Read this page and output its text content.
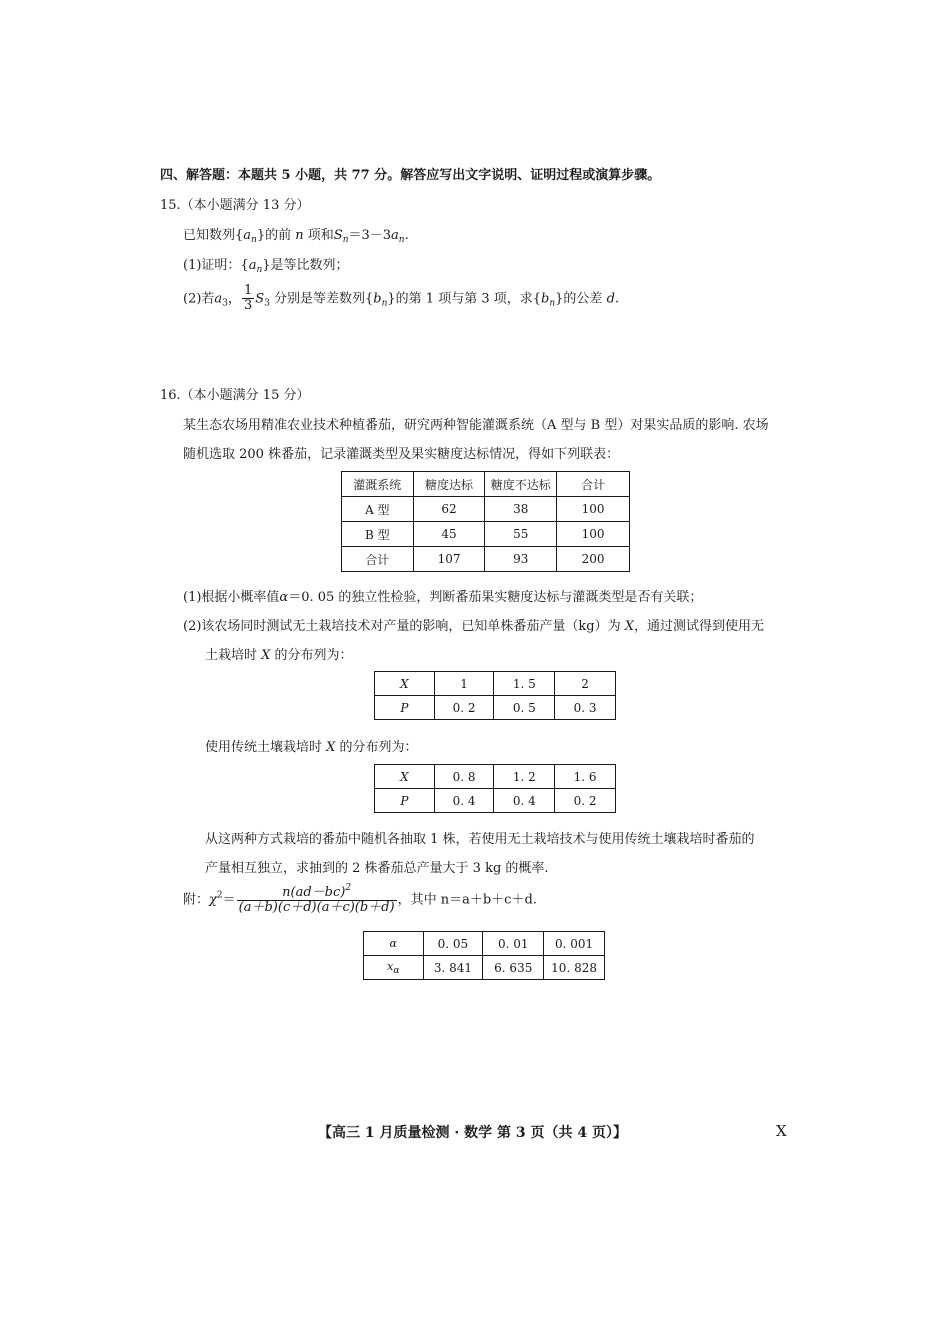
四、解答题：本题共 5 小题，共 77 分。解答应写出文字说明、证明过程或演算步骤。
15.（本小题满分 13 分）
已知数列$\{a_n\}$的前 n 项和$S_n=3-3a_n$.
(1)证明：$\{a_n\}$是等比数列；
(2)若$a_3$， $\frac{1}{3} S_3$ 分别是等差数列$\{b_n\}$的第 1 项与第 3 项，求$\{b_n\}$的公差 d.
16.（本小题满分 15 分）
某生态农场用精准农业技术种植番茄，研究两种智能灌溉系统（A 型与 B 型）对果实品质的影响. 农场
随机选取 200 株番茄，记录灌溉类型及果实糖度达标情况，得如下列联表：
灌溉系统	糖度达标	糖度不达标	合计
A 型	62	38	100
B 型	45	55	100
合计	107	93	200
(1)根据小概率值α＝0. 05 的独立性检验，判断番茄果实糖度达标与灌溉类型是否有关联；
(2)该农场同时测试无土栽培技术对产量的影响，已知单株番茄产量（kg）为 X，通过测试得到使用无
土栽培时 X 的分布列为：
X	1	1. 5	2
P	0. 2	0. 5	0. 3
使用传统土壤栽培时 X 的分布列为：
X	0. 8	1. 2	1. 6
P	0. 4	0. 4	0. 2
从这两种方式栽培的番茄中随机各抽取 1 株，若使用无土栽培技术与使用传统土壤栽培时番茄的
产量相互独立，求抽到的 2 株番茄总产量大于 3 kg 的概率.
附：$\chi^2= \frac{n(ad-bc)^2}{(a+b)(c+d)(a+c)(b+d)}$ ，其中 n＝a＋b＋c＋d.
α	0. 05	0. 01	0. 001
$x_\alpha$	3. 841	6. 635	10. 828
【高三 1 月质量检测 · 数学 第 3 页（共 4 页）】	X
